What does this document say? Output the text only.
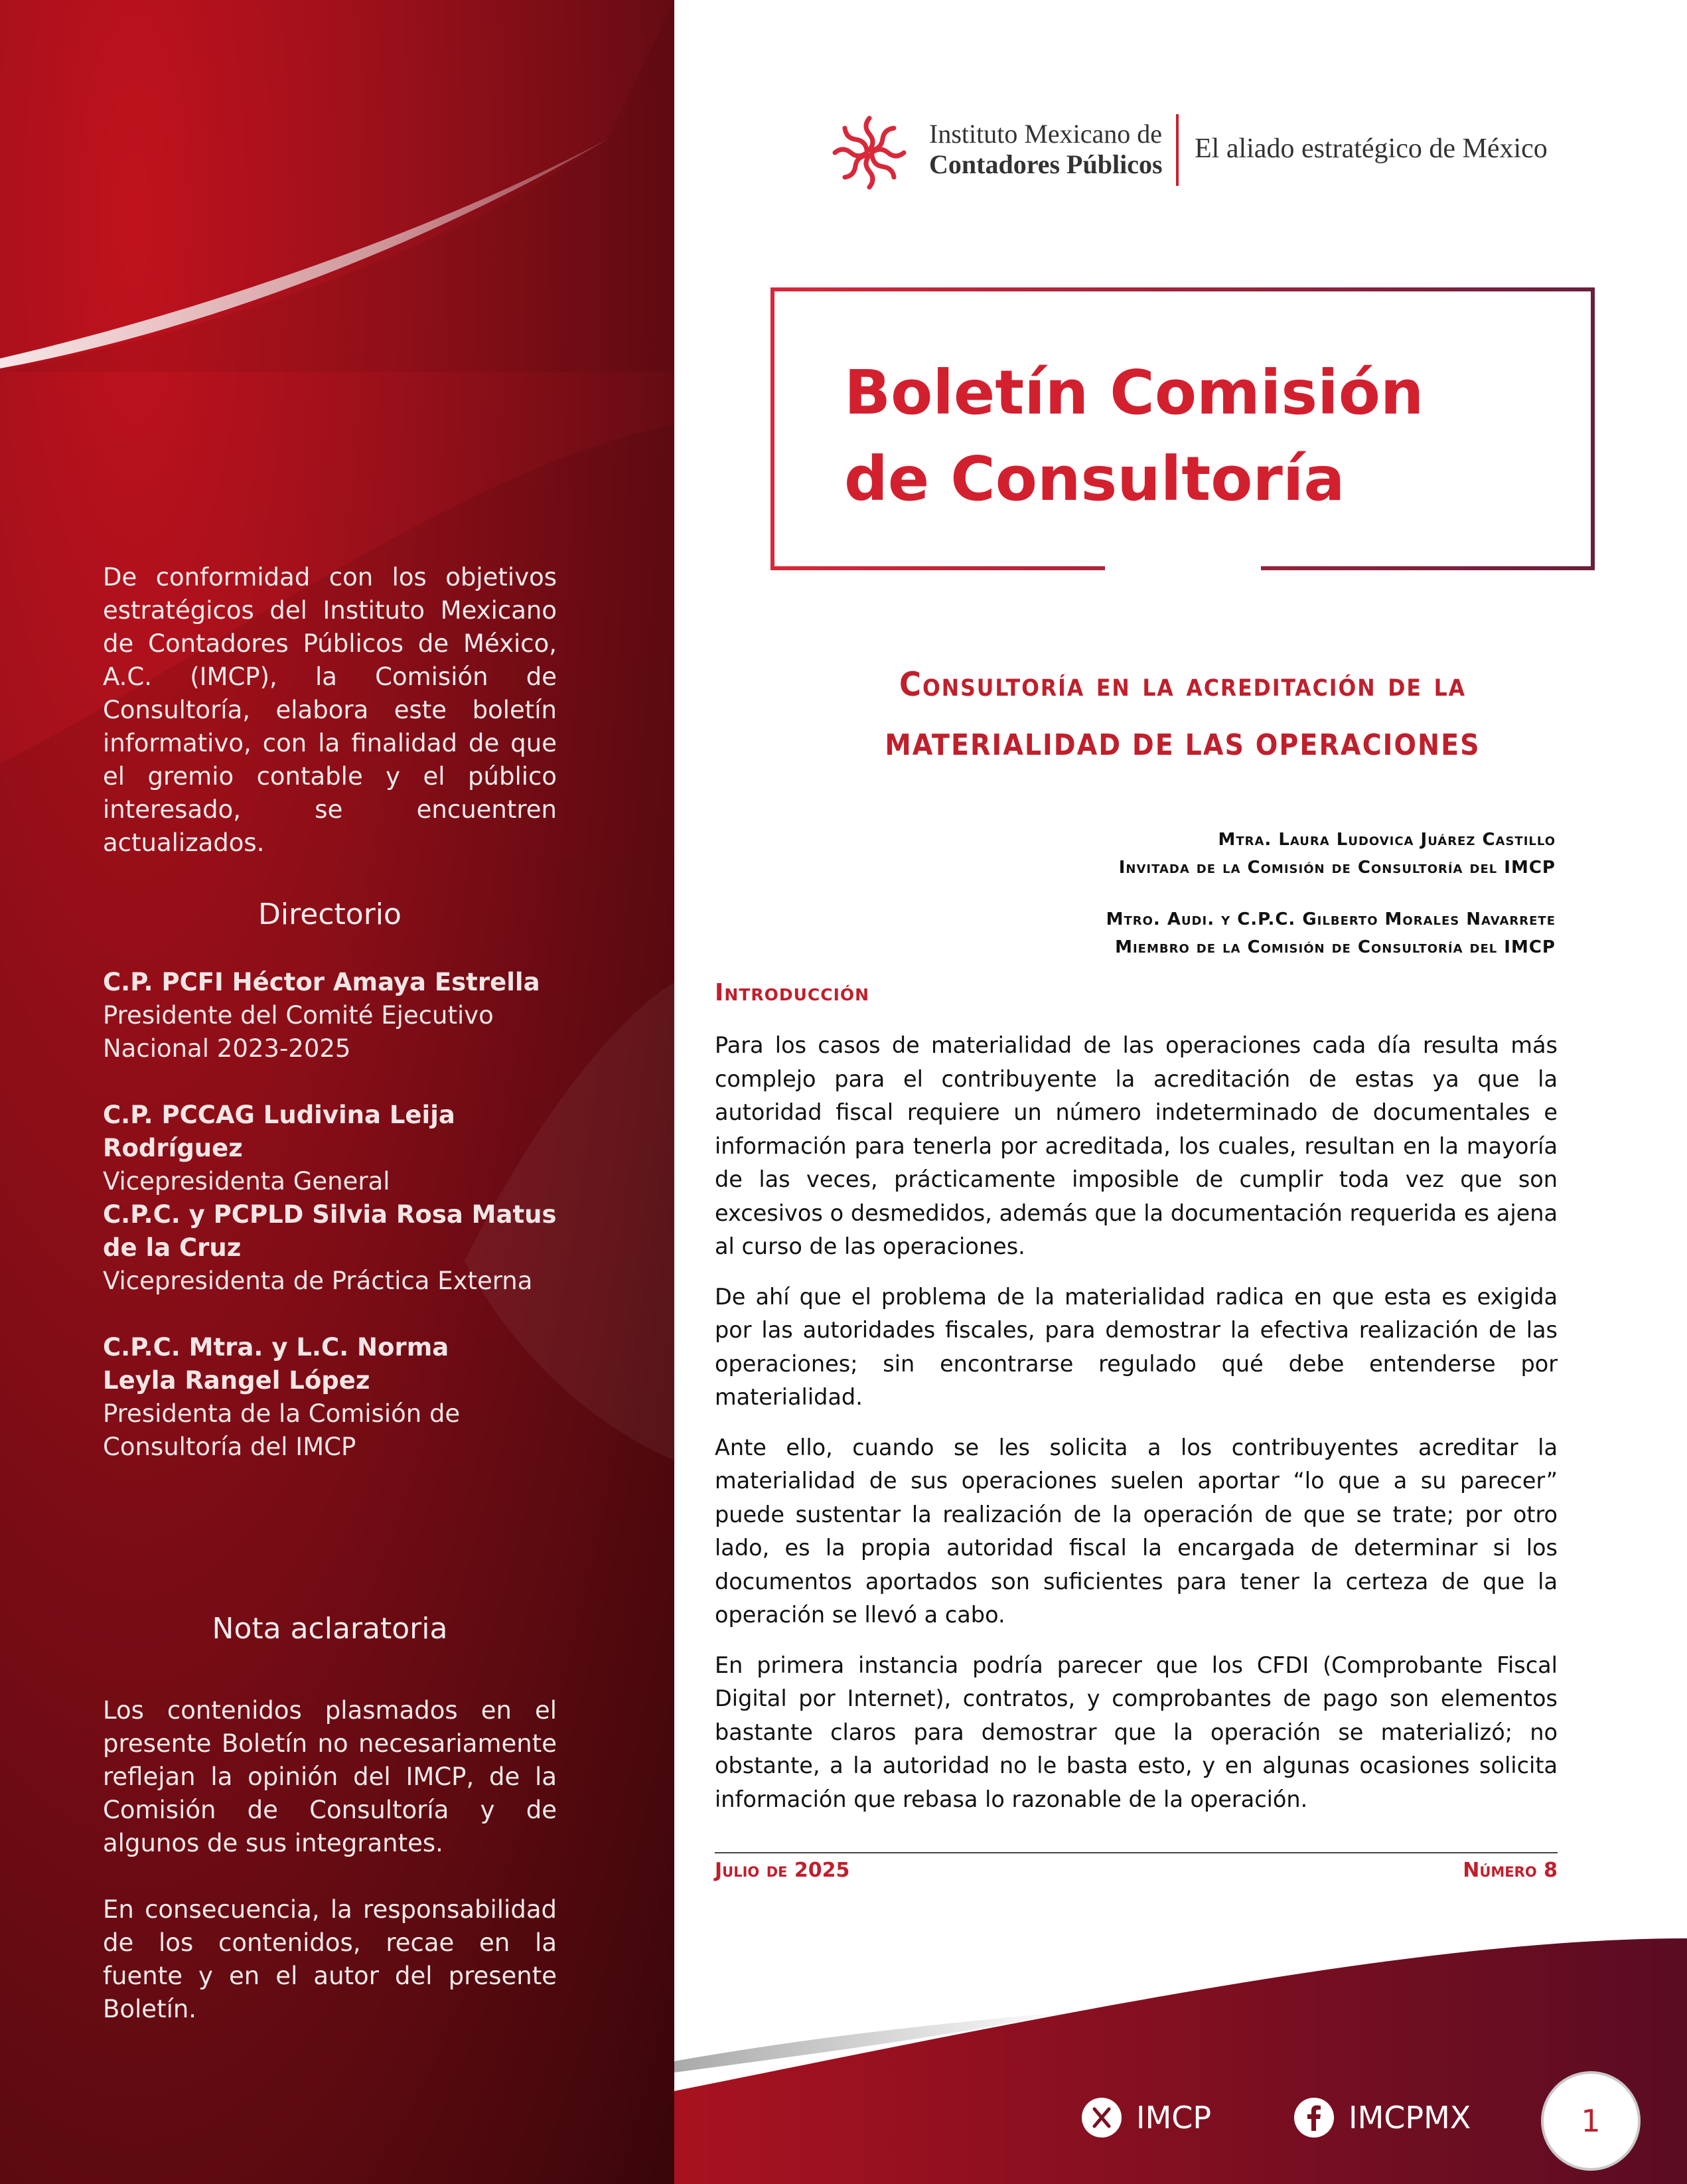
De conformidad con los objetivos estratégicos del Instituto Mexicano de Contadores Públicos de México, A.C. (IMCP), la Comisión de Consultoría, elabora este boletín informativo, con la finalidad de que el gremio contable y el público interesado, se encuentren actualizados.
Directorio
C.P. PCFI Héctor Amaya Estrella
Presidente del Comité Ejecutivo Nacional 2023-2025
C.P. PCCAG Ludivina Leija Rodríguez
Vicepresidenta General
C.P.C. y PCPLD Silvia Rosa Matus de la Cruz
Vicepresidenta de Práctica Externa
C.P.C. Mtra. y L.C. Norma Leyla Rangel López
Presidenta de la Comisión de Consultoría del IMCP
Nota aclaratoria
Los contenidos plasmados en el presente Boletín no necesariamente reflejan la opinión del IMCP, de la Comisión de Consultoría y de algunos de sus integrantes.
En consecuencia, la responsabilidad de los contenidos, recae en la fuente y en el autor del presente Boletín.
Instituto Mexicano de
Contadores Públicos
El aliado estratégico de México
Boletín Comisión
de Consultoría
Consultoría en la acreditación de la
MATERIALIDAD DE LAS OPERACIONES
Mtra. Laura Ludovica Juárez Castillo
Invitada de la Comisión de Consultoría del IMCP
Mtro. Audi. y C.P.C. Gilberto Morales Navarrete
Miembro de la Comisión de Consultoría del IMCP
Introducción

Para los casos de materialidad de las operaciones cada día resulta más complejo para el contribuyente la acreditación de estas ya que la autoridad fiscal requiere un número indeterminado de documentales e información para tenerla por acreditada, los cuales, resultan en la mayoría de las veces, prácticamente imposible de cumplir toda vez que son excesivos o desmedidos, además que la documentación requerida es ajena al curso de las operaciones.

De ahí que el problema de la materialidad radica en que esta es exigida por las autoridades fiscales, para demostrar la efectiva realización de las operaciones; sin encontrarse regulado qué debe entenderse por materialidad.

Ante ello, cuando se les solicita a los contribuyentes acreditar la materialidad de sus operaciones suelen aportar “lo que a su parecer” puede sustentar la realización de la operación de que se trate; por otro lado, es la propia autoridad fiscal la encargada de determinar si los documentos aportados son suficientes para tener la certeza de que la operación se llevó a cabo.

En primera instancia podría parecer que los CFDI (Comprobante Fiscal Digital por Internet), contratos, y comprobantes de pago son elementos bastante claros para demostrar que la operación se materializó; no obstante, a la autoridad no le basta esto, y en algunas ocasiones solicita información que rebasa lo razonable de la operación.

Julio de 2025	Número 8
IMCP	IMCPMX	1
